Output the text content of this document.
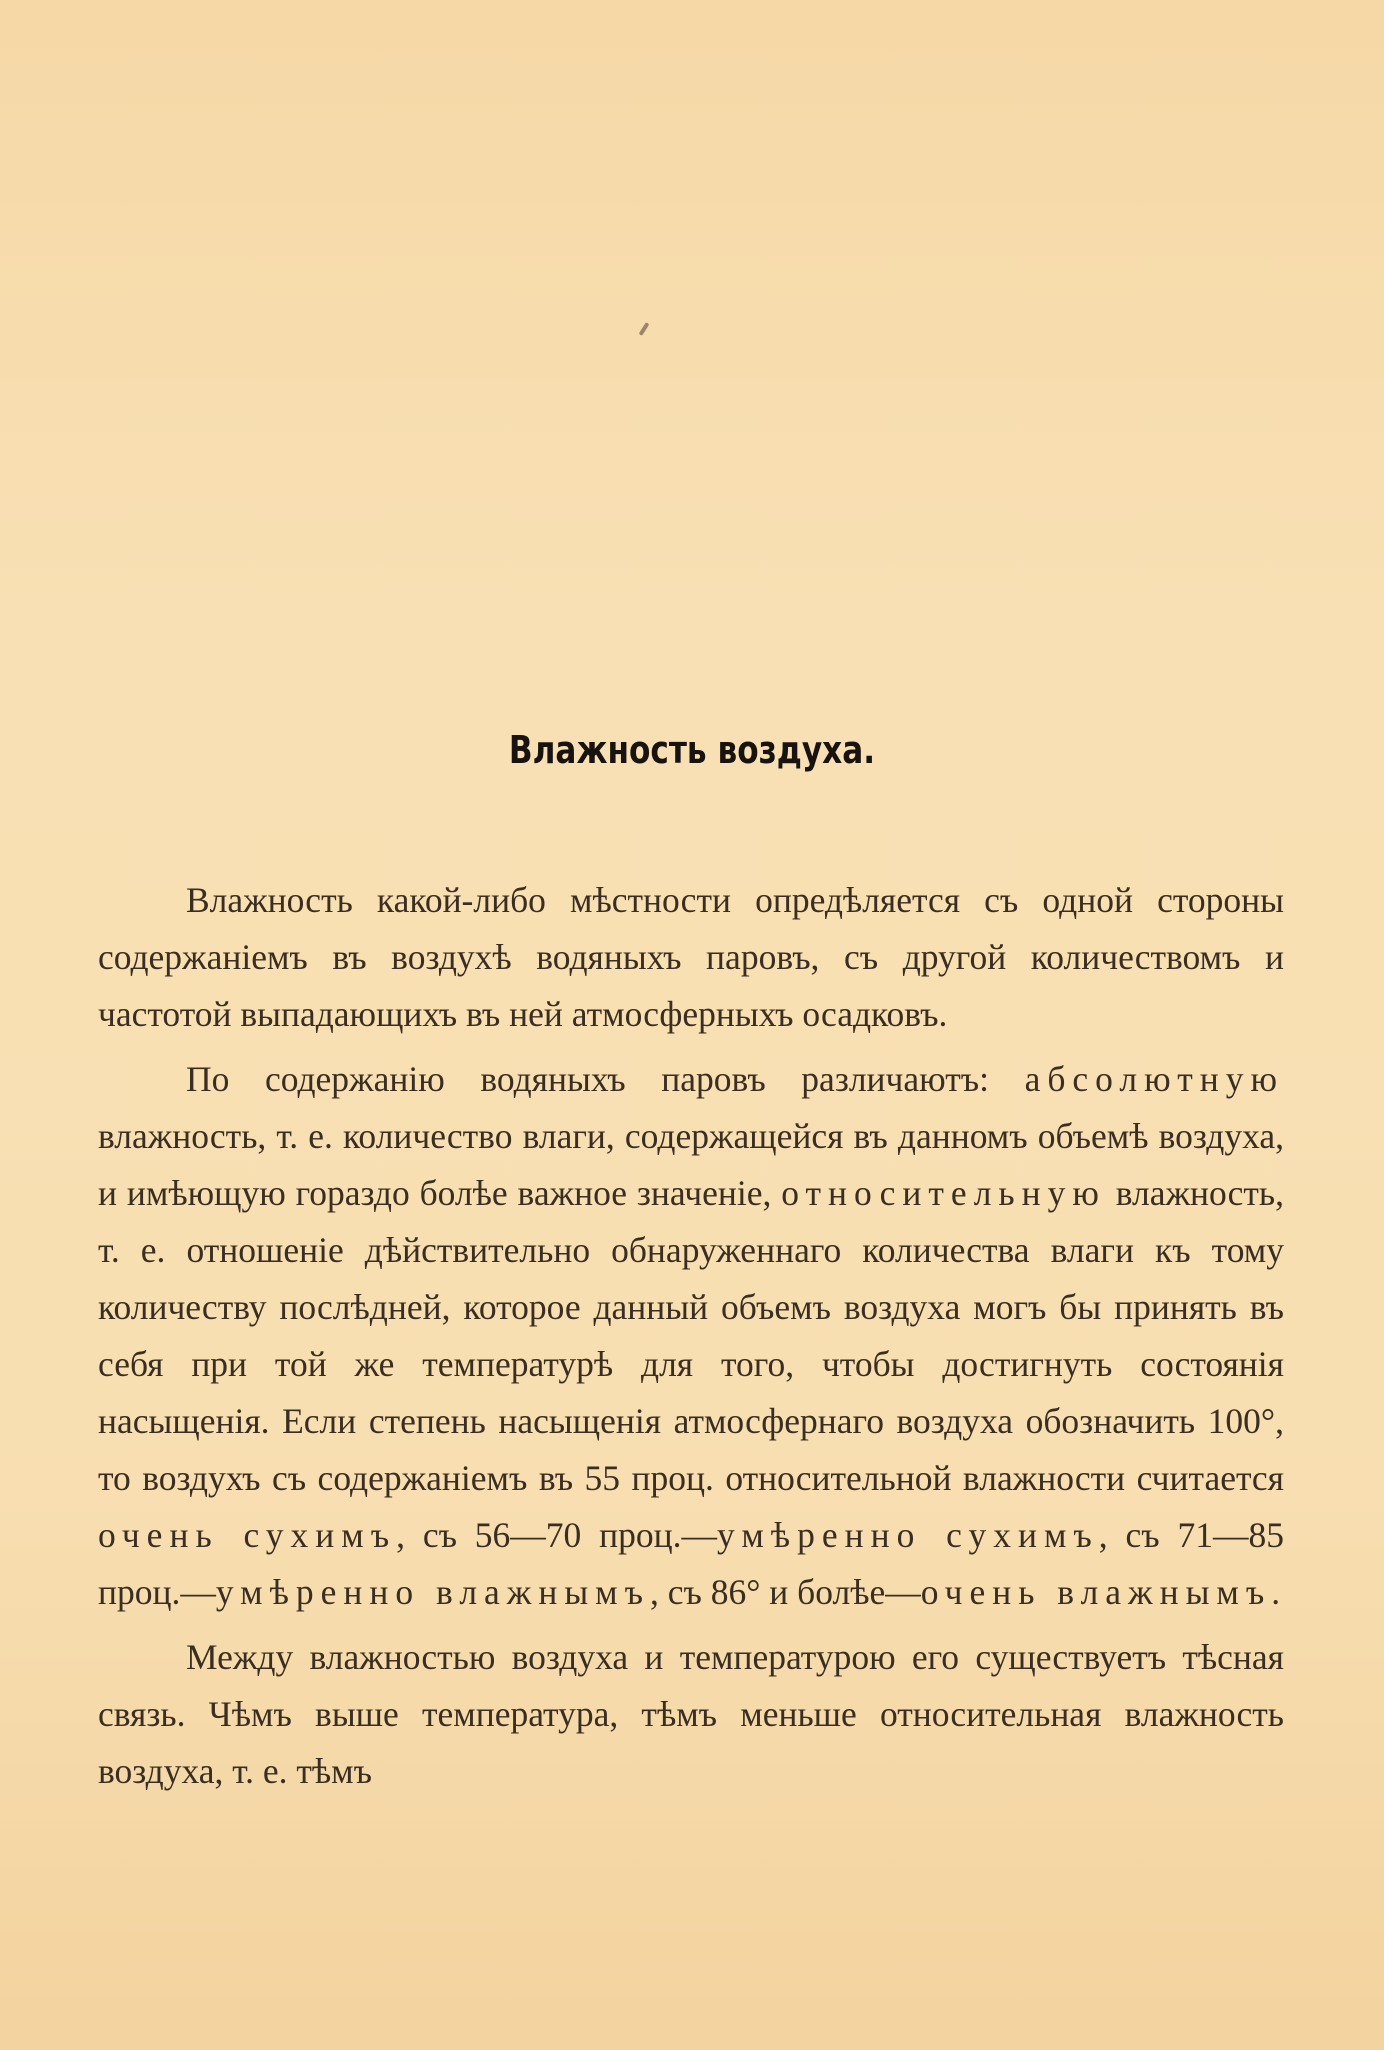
Влажность воздуха.

Влажность какой-либо мѣстности опредѣляется съ одной стороны содержаніемъ въ воздухѣ водяныхъ паровъ, съ другой количествомъ и частотой выпадающихъ въ ней атмосферныхъ осадковъ.

По содержанію водяныхъ паровъ различаютъ: абсолютную влажность, т. е. количество влаги, содержащейся въ данномъ объемѣ воздуха, и имѣющую гораздо болѣе важное значеніе, относительную влажность, т. е. отношеніе дѣйствительно обнаруженнаго количества влаги къ тому количеству послѣдней, которое данный объемъ воздуха могъ бы принять въ себя при той же температурѣ для того, чтобы достигнуть состоянія насыщенія. Если степень насыщенія атмосфернаго воздуха обозначить 100°, то воздухъ съ содержаніемъ въ 55 проц. относительной влажности считается очень сухимъ, съ 56—70 проц.—умѣренно сухимъ, съ 71—85 проц.—умѣренно влажнымъ, съ 86° и болѣе—очень влажнымъ.

Между влажностью воздуха и температурою его существуетъ тѣсная связь. Чѣмъ выше температура, тѣмъ меньше относительная влажность воздуха, т. е. тѣмъ
